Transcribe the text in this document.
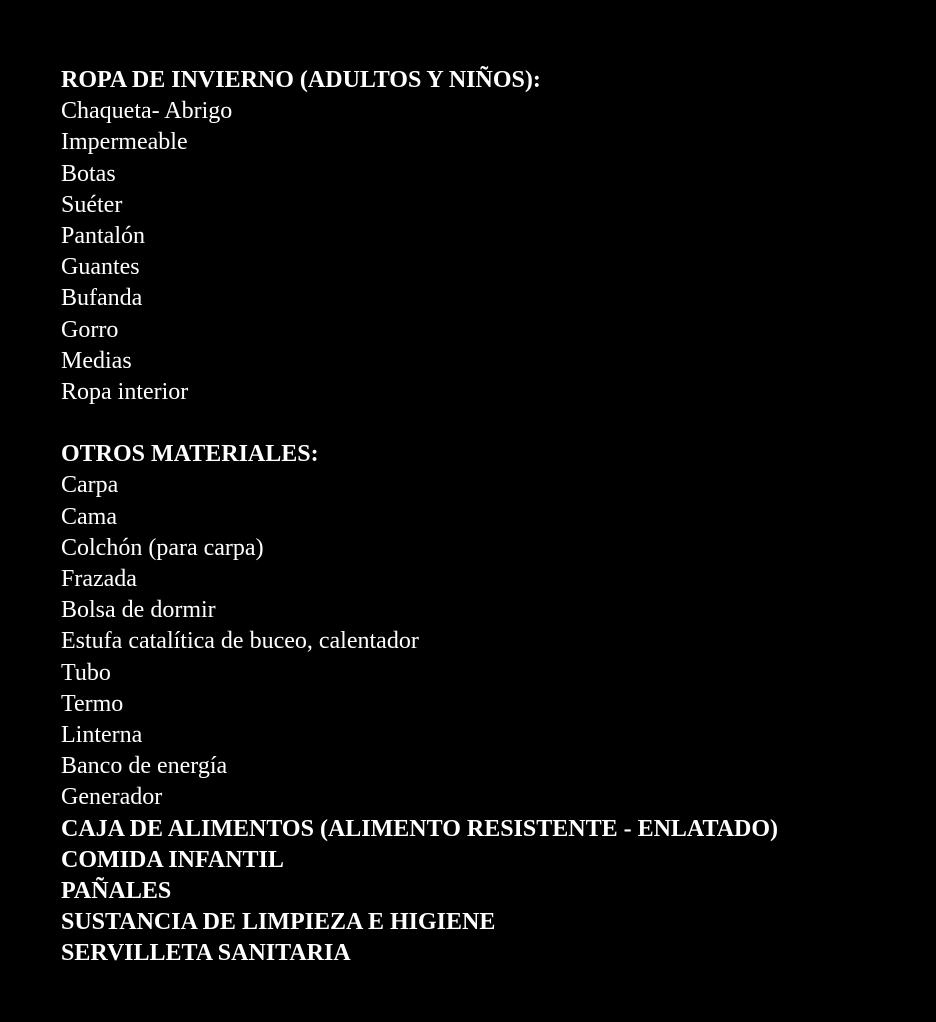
ROPA DE INVIERNO (ADULTOS Y NIÑOS):

Chaqueta- Abrigo
Impermeable
Botas
Suéter
Pantalón
Guantes
Bufanda
Gorro
Medias
Ropa interior

OTROS MATERIALES:

Carpa
Cama
Colchón (para carpa)
Frazada
Bolsa de dormir
Estufa catalítica de buceo, calentador
Tubo
Termo
Linterna
Banco de energía
Generador
CAJA DE ALIMENTOS (ALIMENTO RESISTENTE - ENLATADO)
COMIDA INFANTIL
PAÑALES
SUSTANCIA DE LIMPIEZA E HIGIENE
SERVILLETA SANITARIA
